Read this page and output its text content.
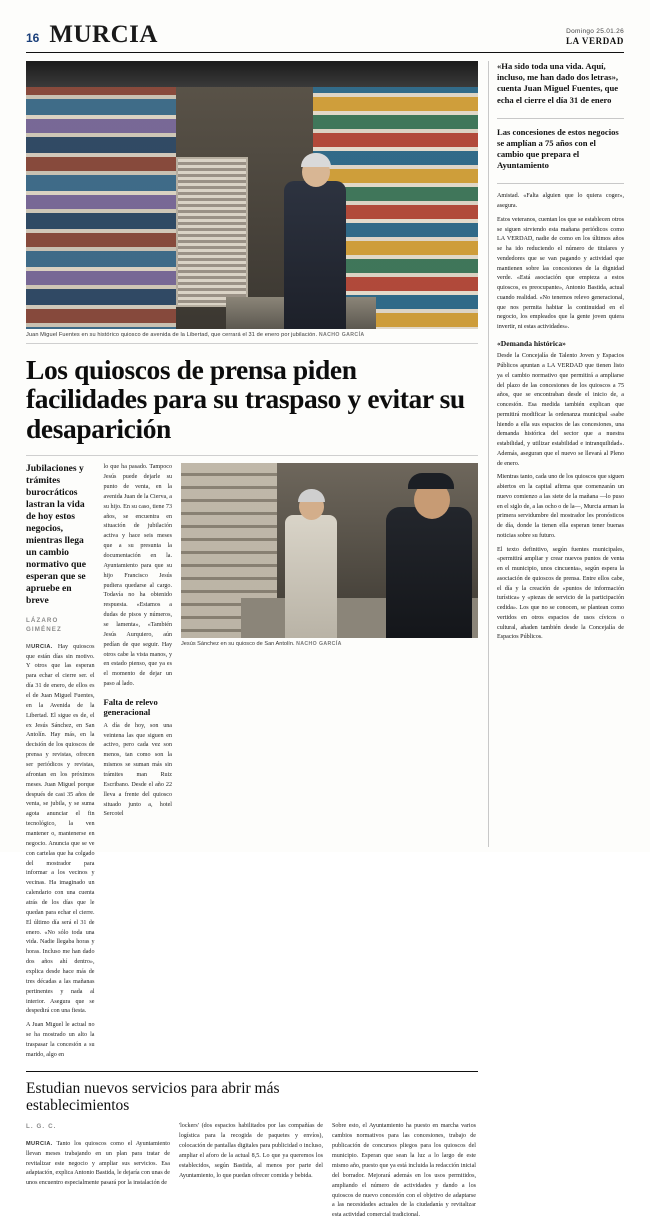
16 MURCIA	Domingo 25.01.26
LA VERDAD
Juan Miguel Fuentes en su histórico quiosco de avenida de la Libertad, que cerrará el 31 de enero por jubilación. NACHO GARCÍA
Los quioscos de prensa piden facilidades para su traspaso y evitar su desaparición
Jubilaciones y trámites burocráticos lastran la vida de hoy estos negocios, mientras llega un cambio normativo que esperan que se apruebe en breve
LÁZARO GIMÉNEZ

MURCIA. Hay quioscos que están días sin motivo. Y otros que las esperan para echar el cierre ser. el día 31 de enero, de ellos es el de Juan Miguel Fuentes, en la Avenida de la Libertad. El sigue es de, el ex Jesús Sánchez, en San Antolín. Hay más, en la decisión de los quioscos de prensa y revistas, ofrecen ser periódicos y revistas, afrontan en los próximos meses. Juan Miguel porque después de casi 35 años de venta, se jubila, y se suma agota anunciar el fin tecnológico, la ven mantener o, mantenerse en negocio. Anuncia que se ve con cartelas que ha colgado del mostrador para informar a los vecinos y vecinas. Ha imaginado un calendario con una cuenta atrás de los días que le quedan para echar el cierre. El último día será el 31 de enero. «No sólo toda una vida. Nadie llegaba horas y horas. Incluso me han dado dos años ahí dentro», explica desde hace más de tres décadas a las mañanas pertinentes y nada al interior. Asegura que se despedirá con una fiesta.

A Juan Miguel le actual no se ha mostrado un alto la traspasar la concesión a su marido, algo en

lo que ha pasado. Tampoco Jesús puede dejarle su punto de venta, en la avenida Juan de la Cierva, a su hijo. En su caso, tiene 73 años, se encuentra en situación de jubilación activa y hace seis meses que a su presunta la documentación en la. Ayuntamiento para que su hijo Francisco Jesús pudiera quedarse al cargo. Todavía no ha obtenido respuesta. «Estamos a dudas de pisos y números, se lamenta», «También Jesús Aurquiero, aún pedían de que seguir. Hay otros cabe la vista manos, y en estado pienso, que ya es el momento de dejar un paso al lado.

Falta de relevo generacional

A día de hoy, son una veintena las que siguen en activo, pero cada vez son menos, tan como son la mismos se suman más sin trámites man Ruiz Escribano. Desde el año 22 lleva a frente del quiosco situado junto a, hotel Sercotel

Jesús Sánchez en su quiosco de San Antolín. NACHO GARCÍA
Estudian nuevos servicios para abrir más establecimientos
L. G. C.

MURCIA. Tanto los quioscos como el Ayuntamiento llevan meses trabajando en un plan para tratar de revitalizar este negocio y ampliar sus servicios. Esa adaptación, explica Antonio Bastida, le dejaría con unas de unos encuentro especialmente pasará por la instalación de

'lockers' (dos espacios habilitados por las compañías de logística para la recogida de paquetes y envíos), colocación de pantallas digitales para publicidad o incluso, ampliar el aforo de la actual 8,5. Lo que ya queremos los establecidos, según Bastida, al menos por parte del Ayuntamiento, lo que puedan ofrecer comida y bebida.

Sobre esto, el Ayuntamiento ha puesto en marcha varios cambios normativos para las concesiones, trabajo de publicación de concursos pliegos para los quioscos del municipio. Esperan que sean la luz a lo largo de este mismo año, puesto que ya está incluida la redacción inicial del borrador. Mejorará además en los usos permitidos, ampliando el número de actividades y dando a los quioscos de nuevo concesión con el objetivo de adaptarse a las necesidades actuales de la ciudadanía y revitalizar esta actividad comercial tradicional.

«Ha sido toda una vida. Aquí, incluso, me han dado dos letras», cuenta Juan Miguel Fuentes, que echa el cierre el día 31 de enero
Las concesiones de estos negocios se amplían a 75 años con el cambio que prepara el Ayuntamiento

Amistad. «Falta alguien que lo quiera coger», asegura.

Estos veteranos, cuentan los que se establecen otros se siguen sirviendo esta mañana periódicos como LA VERDAD, nadie de como en los últimos años se ha ido reduciendo el número de titulares y vendedores que se van pagando y actividad que mantienen sobre las concesiones de la dignidad verde. «Está asociación que empieza a estos quioscos, es preocupante», Antonio Bastida, actual cuando realidad. «No tenemos relevo generacional, que nos permita habitar la continuidad en el negocio, los empleados que la gente joven quiera invertir, ni estas actividades».

«Demanda histórica»

Desde la Concejalía de Talento Joven y Espacios Públicos apuntan a LA VERDAD que tienen listo ya el cambio normativo que permitirá a ampliarse del plazo de las concesiones de los quioscos a 75 años, que se encontraban desde el inicio de, a concesión. Esa medida también explican que permitirá modificar la ordenanza municipal «sabe hiendo a ella sus espacios de las concesiones, una demanda histórica del sector que a nuestra estabilidad, y utilizar estabilidad e intranquilidad». Además, aseguran que el nuevo se llevará al Pleno de enero.

Mientras tanto, cada uno de los quioscos que siguen abiertos en la capital afirma que comenzarán un nuevo comienzo a las siete de la mañana —lo puso en el siglo de, a las ocho o de la—, Murcia arman la primera servidumbre del mostrador les pronósticos de día, donde la tienen ella esperan tener buenas noticias sobre su futuro.

El texto definitivo, según fuentes municipales, «permitirá ampliar y crear nuevos puntos de venta en el municipio, unos cincuenta», según espera la asociación de quioscos de prensa. Entre ellos cabe, el día y la creación de «puntos de información turística» y «piezas de servicio de la participación cedida». Los que no se conocen, se plantean como vertidos en otros espacios de usos cívicos o cultural, añaden también desde la Concejalía de Espacios Públicos.
